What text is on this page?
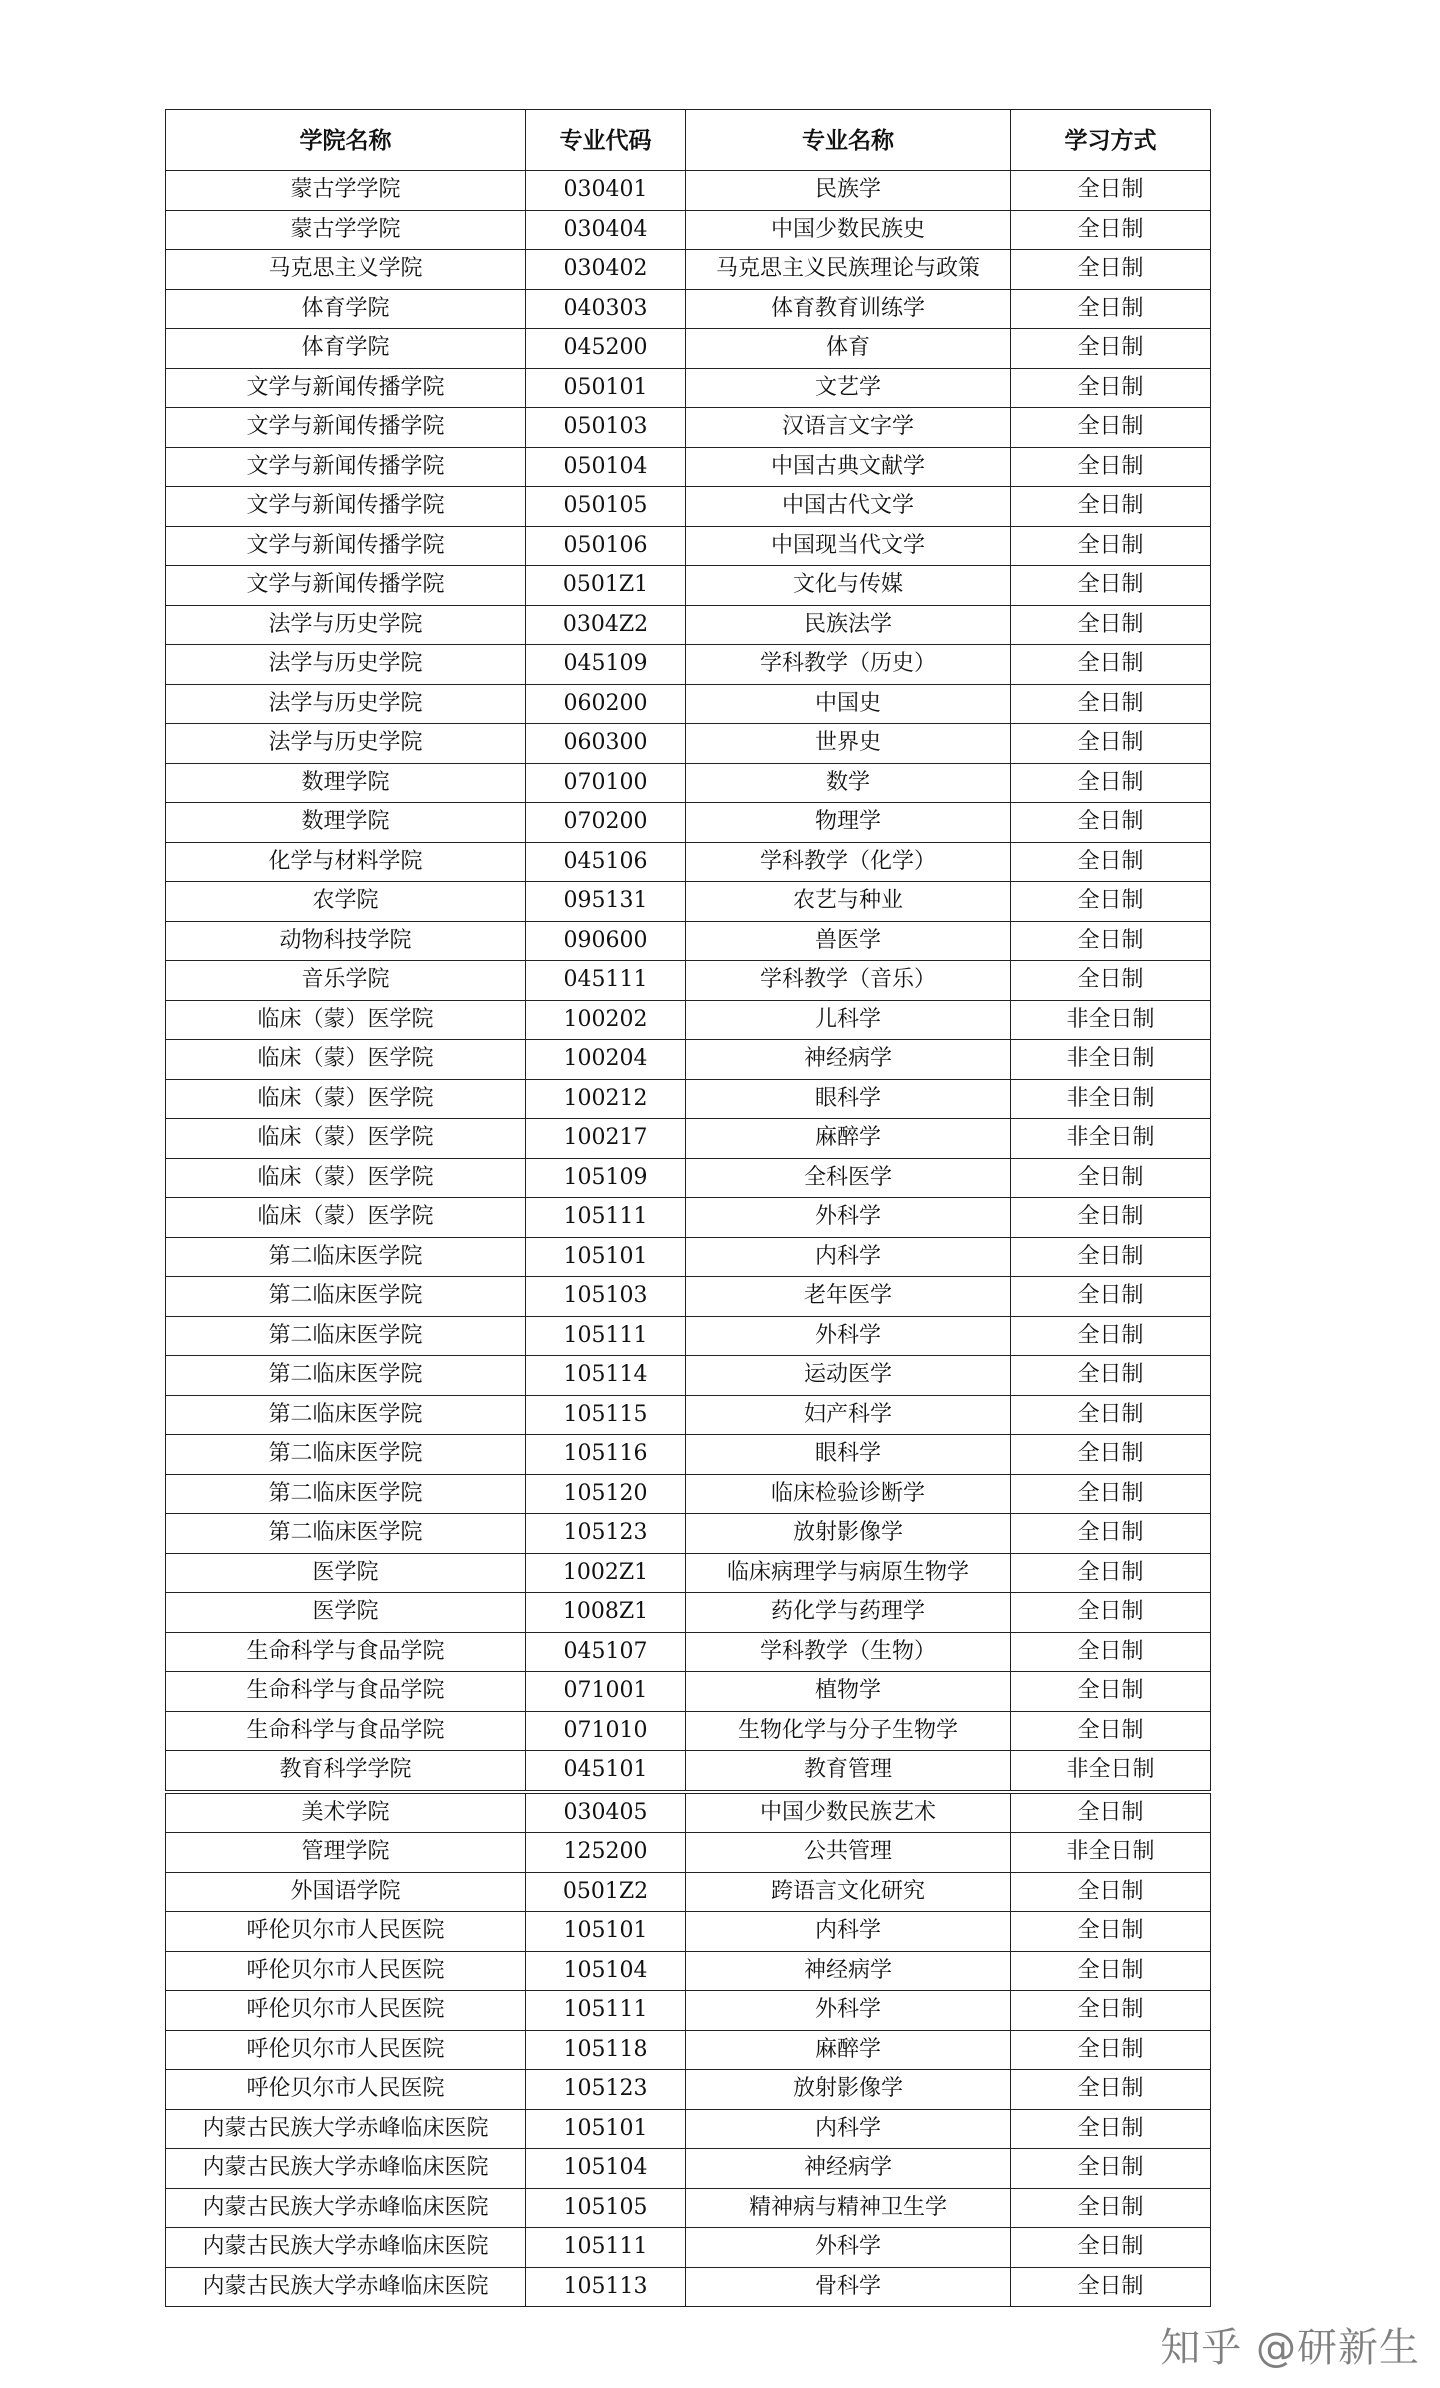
学院名称	专业代码	专业名称	学习方式
蒙古学学院	030401	民族学	全日制
蒙古学学院	030404	中国少数民族史	全日制
马克思主义学院	030402	马克思主义民族理论与政策	全日制
体育学院	040303	体育教育训练学	全日制
体育学院	045200	体育	全日制
文学与新闻传播学院	050101	文艺学	全日制
文学与新闻传播学院	050103	汉语言文字学	全日制
文学与新闻传播学院	050104	中国古典文献学	全日制
文学与新闻传播学院	050105	中国古代文学	全日制
文学与新闻传播学院	050106	中国现当代文学	全日制
文学与新闻传播学院	0501Z1	文化与传媒	全日制
法学与历史学院	0304Z2	民族法学	全日制
法学与历史学院	045109	学科教学（历史）	全日制
法学与历史学院	060200	中国史	全日制
法学与历史学院	060300	世界史	全日制
数理学院	070100	数学	全日制
数理学院	070200	物理学	全日制
化学与材料学院	045106	学科教学（化学）	全日制
农学院	095131	农艺与种业	全日制
动物科技学院	090600	兽医学	全日制
音乐学院	045111	学科教学（音乐）	全日制
临床（蒙）医学院	100202	儿科学	非全日制
临床（蒙）医学院	100204	神经病学	非全日制
临床（蒙）医学院	100212	眼科学	非全日制
临床（蒙）医学院	100217	麻醉学	非全日制
临床（蒙）医学院	105109	全科医学	全日制
临床（蒙）医学院	105111	外科学	全日制
第二临床医学院	105101	内科学	全日制
第二临床医学院	105103	老年医学	全日制
第二临床医学院	105111	外科学	全日制
第二临床医学院	105114	运动医学	全日制
第二临床医学院	105115	妇产科学	全日制
第二临床医学院	105116	眼科学	全日制
第二临床医学院	105120	临床检验诊断学	全日制
第二临床医学院	105123	放射影像学	全日制
医学院	1002Z1	临床病理学与病原生物学	全日制
医学院	1008Z1	药化学与药理学	全日制
生命科学与食品学院	045107	学科教学（生物）	全日制
生命科学与食品学院	071001	植物学	全日制
生命科学与食品学院	071010	生物化学与分子生物学	全日制
教育科学学院	045101	教育管理	非全日制
美术学院	030405	中国少数民族艺术	全日制
管理学院	125200	公共管理	非全日制
外国语学院	0501Z2	跨语言文化研究	全日制
呼伦贝尔市人民医院	105101	内科学	全日制
呼伦贝尔市人民医院	105104	神经病学	全日制
呼伦贝尔市人民医院	105111	外科学	全日制
呼伦贝尔市人民医院	105118	麻醉学	全日制
呼伦贝尔市人民医院	105123	放射影像学	全日制
内蒙古民族大学赤峰临床医院	105101	内科学	全日制
内蒙古民族大学赤峰临床医院	105104	神经病学	全日制
内蒙古民族大学赤峰临床医院	105105	精神病与精神卫生学	全日制
内蒙古民族大学赤峰临床医院	105111	外科学	全日制
内蒙古民族大学赤峰临床医院	105113	骨科学	全日制
知乎 @研新生
